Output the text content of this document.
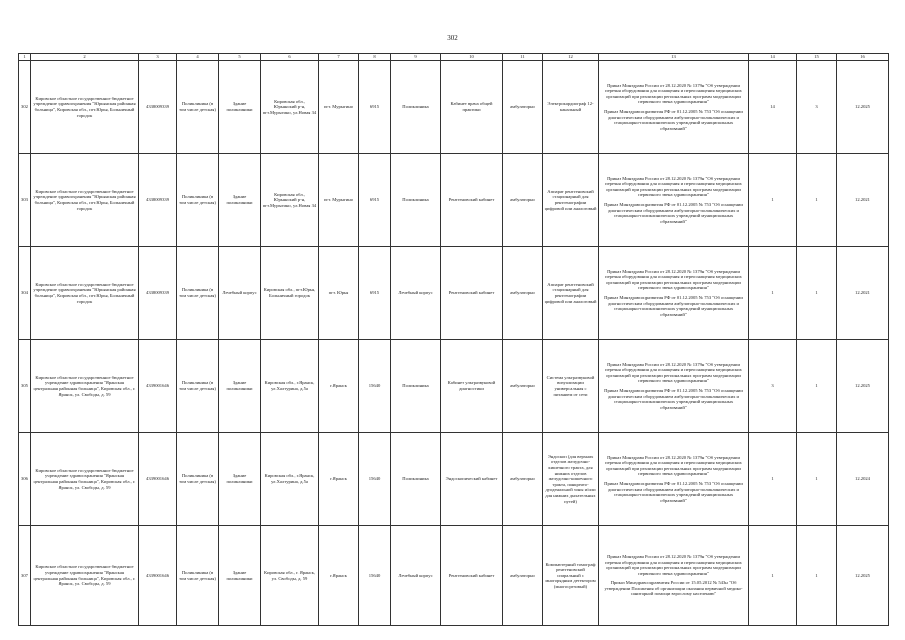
302
1	2	3	4	5	6	7	8	9	10	11	12	13	14	15	16
302	Кировское областное государственное бюджетное учреждение здравоохранения "Юрьянская районная больница", Кировская обл., пгт.Юрья, Больничный городок	4338009339	Поликлиника (в том числе детская)	Здание поликлиники	Кировская обл., Юрьянский р-н, пгт.Мурыгино, ул.Новая 34	пгт. Мурыгино	6915	Поликлиника	Кабинет врача общей практики	амбулаторно	Электрокардиограф 12-канальный	Приказ Минздрава России от 28.12.2020 № 1379н "Об утверждении перечня оборудования для оснащения и переоснащения медицинских организаций при реализации региональных программ модернизации первичного звена здравоохранения"
Приказ Минздравсоцразвития РФ от 01.12.2005 № 753 "Об оснащении диагностическим оборудованием амбулаторно-поликлинических и стационарно-поликлинических учреждений муниципальных образований"	14	3	12.2025
303	Кировское областное государственное бюджетное учреждение здравоохранения "Юрьянская районная больница", Кировская обл., пгт.Юрья, Больничный городок	4338009339	Поликлиника (в том числе детская)	Здание поликлиники	Кировская обл., Юрьянский р-н, пгт.Мурыгино, ул.Новая 34	пгт. Мурыгино	6915	Поликлиника	Рентгеновский кабинет	амбулаторно	Аппарат рентгеновский стационарный для рентгенографии цифровой или аналоговый	Приказ Минздрава России от 28.12.2020 № 1379н "Об утверждении перечня оборудования для оснащения и переоснащения медицинских организаций при реализации региональных программ модернизации первичного звена здравоохранения"
Приказ Минздравсоцразвития РФ от 01.12.2005 № 753 "Об оснащении диагностическим оборудованием амбулаторно-поликлинических и стационарно-поликлинических учреждений муниципальных образований"	1	1	12.2021
304	Кировское областное государственное бюджетное учреждение здравоохранения "Юрьянская районная больница", Кировская обл., пгт.Юрья, Больничный городок	4338009339	Поликлиника (в том числе детская)	Лечебный корпус	Кировская обл., пгт.Юрья, Больничный городок	пгт. Юрья	6915	Лечебный корпус	Рентгеновский кабинет	амбулаторно	Аппарат рентгеновский стационарный для рентгенографии цифровой или аналоговый	Приказ Минздрава России от 28.12.2020 № 1379н "Об утверждении перечня оборудования для оснащения и переоснащения медицинских организаций при реализации региональных программ модернизации первичного звена здравоохранения"
Приказ Минздравсоцразвития РФ от 01.12.2005 № 753 "Об оснащении диагностическим оборудованием амбулаторно-поликлинических и стационарно-поликлинических учреждений муниципальных образований"	1	1	12.2021
305	Кировское областное государственное бюджетное учреждение здравоохранения "Яранская центральная районная больница", Кировская обл., г. Яранск, ул. Свободы, д. 59	4339001646	Поликлиника (в том числе детская)	Здание поликлиники	Кировская обл., г.Яранск, ул.Халтурина, д.5а	г.Яранск	15640	Поликлиника	Кабинет ультразвуковой диагностики	амбулаторно	Система ультразвуковой визуализации универсальная с питанием от сети	Приказ Минздрава России от 28.12.2020 № 1379н "Об утверждении перечня оборудования для оснащения и переоснащения медицинских организаций при реализации региональных программ модернизации первичного звена здравоохранения"
Приказ Минздравсоцразвития РФ от 01.12.2005 № 753 "Об оснащении диагностическим оборудованием амбулаторно-поликлинических и стационарно-поликлинических учреждений муниципальных образований"	3	1	12.2025
306	Кировское областное государственное бюджетное учреждение здравоохранения "Яранская центральная районная больница", Кировская обл., г. Яранск, ул. Свободы, д. 59	4339001646	Поликлиника (в том числе детская)	Здание поликлиники	Кировская обл., г.Яранск, ул.Халтурина, д.5а	г.Яранск	15640	Поликлиника	Эндоскопический кабинет	амбулаторно	Эндоскоп (для верхних отделов желудочно-кишечного тракта, для нижних отделов желудочно-кишечного тракта, панкреато-дуоденальной зоны и/или для нижних дыхательных путей)	Приказ Минздрава России от 28.12.2020 № 1379н "Об утверждении перечня оборудования для оснащения и переоснащения медицинских организаций при реализации региональных программ модернизации первичного звена здравоохранения"
Приказ Минздравсоцразвития РФ от 01.12.2005 № 753 "Об оснащении диагностическим оборудованием амбулаторно-поликлинических и стационарно-поликлинических учреждений муниципальных образований"	1	1	12.2024
307	Кировское областное государственное бюджетное учреждение здравоохранения "Яранская центральная районная больница", Кировская обл., г. Яранск, ул. Свободы, д. 59	4339001646	Поликлиника (в том числе детская)	Здание поликлиники	Кировская обл., г. Яранск, ул. Свободы, д. 59	г.Яранск	15640	Лечебный корпус	Рентгеновский кабинет	амбулаторно	Компьютерный томограф рентгеновский спиральный с многорядным детектором (многосрезовый)	Приказ Минздрава России от 28.12.2020 № 1379н "Об утверждении перечня оборудования для оснащения и переоснащения медицинских организаций при реализации региональных программ модернизации первичного звена здравоохранения"
Приказ Минздравсоцразвития России от 15.05.2012 № 543н "Об утверждении Положения об организации оказания первичной медико-санитарной помощи взрослому населению"	1	1	12.2025
